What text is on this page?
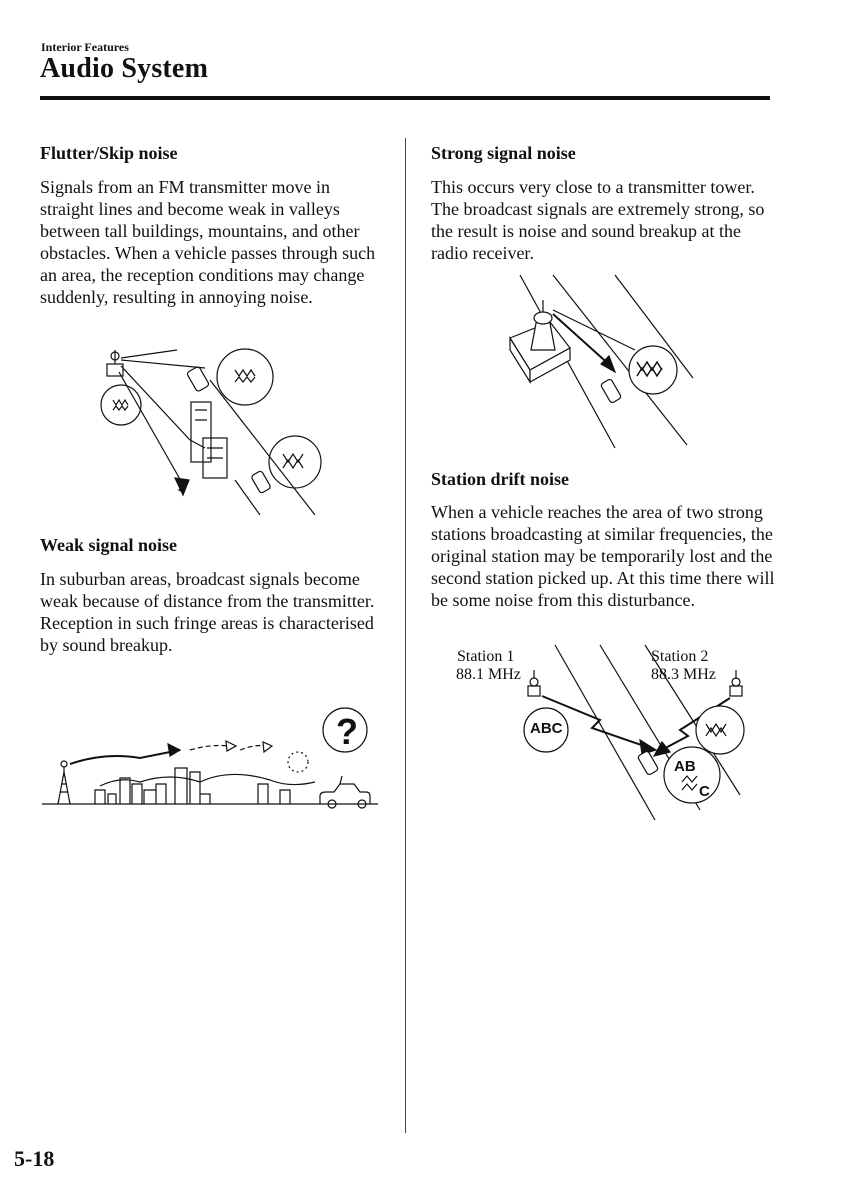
Interior Features
Audio System
Flutter/Skip noise
Signals from an FM transmitter move in straight lines and become weak in valleys between tall buildings, mountains, and other obstacles. When a vehicle passes through such an area, the reception conditions may change suddenly, resulting in annoying noise.
Weak signal noise
In suburban areas, broadcast signals become weak because of distance from the transmitter. Reception in such fringe areas is characterised by sound breakup.
?
Strong signal noise
This occurs very close to a transmitter tower. The broadcast signals are extremely strong, so the result is noise and sound breakup at the radio receiver.
Station drift noise
When a vehicle reaches the area of two strong stations broadcasting at similar frequencies, the original station may be temporarily lost and the second station picked up. At this time there will be some noise from this disturbance.
Station 1
88.1 MHz
Station 2
88.3 MHz
ABC
AB
C
5-18
